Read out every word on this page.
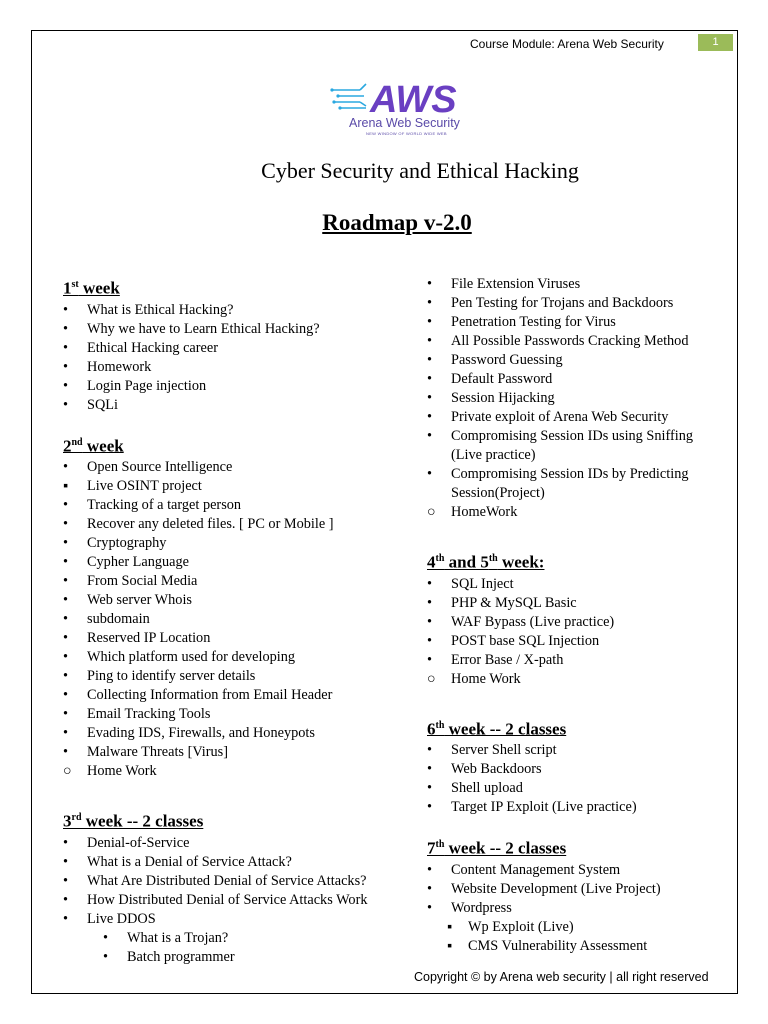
Course Module: Arena Web Security	1
AWS
Arena Web Security
NEW WINDOW OF WORLD WIDE WEB
Cyber Security and Ethical Hacking
Roadmap v-2.0
1st week
•	What is Ethical Hacking?
•	Why we have to Learn Ethical Hacking?
•	Ethical Hacking career
•	Homework
•	Login Page injection
•	SQLi
2nd week
•	Open Source Intelligence
▪	Live OSINT project
•	Tracking of a target person
•	Recover any deleted files. [ PC or Mobile ]
•	Cryptography
•	Cypher Language
•	From Social Media
•	Web server Whois
•	subdomain
•	Reserved IP Location
•	Which platform used for developing
•	Ping to identify server details
•	Collecting Information from Email Header
•	Email Tracking Tools
•	Evading IDS, Firewalls, and Honeypots
•	Malware Threats [Virus]
○	Home Work
3rd week -- 2 classes
•	Denial-of-Service
•	What is a Denial of Service Attack?
•	What Are Distributed Denial of Service Attacks?
•	How Distributed Denial of Service Attacks Work
•	Live DDOS
•	What is a Trojan?
•	Batch programmer
•	File Extension Viruses
•	Pen Testing for Trojans and Backdoors
•	Penetration Testing for Virus
•	All Possible Passwords Cracking Method
•	Password Guessing
•	Default Password
•	Session Hijacking
•	Private exploit of Arena Web Security
•	Compromising Session IDs using Sniffing
(Live practice)
•	Compromising Session IDs by Predicting
Session(Project)
○	HomeWork
4th and 5th week:
•	SQL Inject
•	PHP & MySQL Basic
•	WAF Bypass (Live practice)
•	POST base SQL Injection
•	Error Base / X-path
○	Home Work
6th week -- 2 classes
•	Server Shell script
•	Web Backdoors
•	Shell upload
•	Target IP Exploit (Live practice)
7th week -- 2 classes
•	Content Management System
•	Website Development (Live Project)
•	Wordpress
▪	Wp Exploit (Live)
▪	CMS Vulnerability Assessment
Copyright © by Arena web security | all right reserved
